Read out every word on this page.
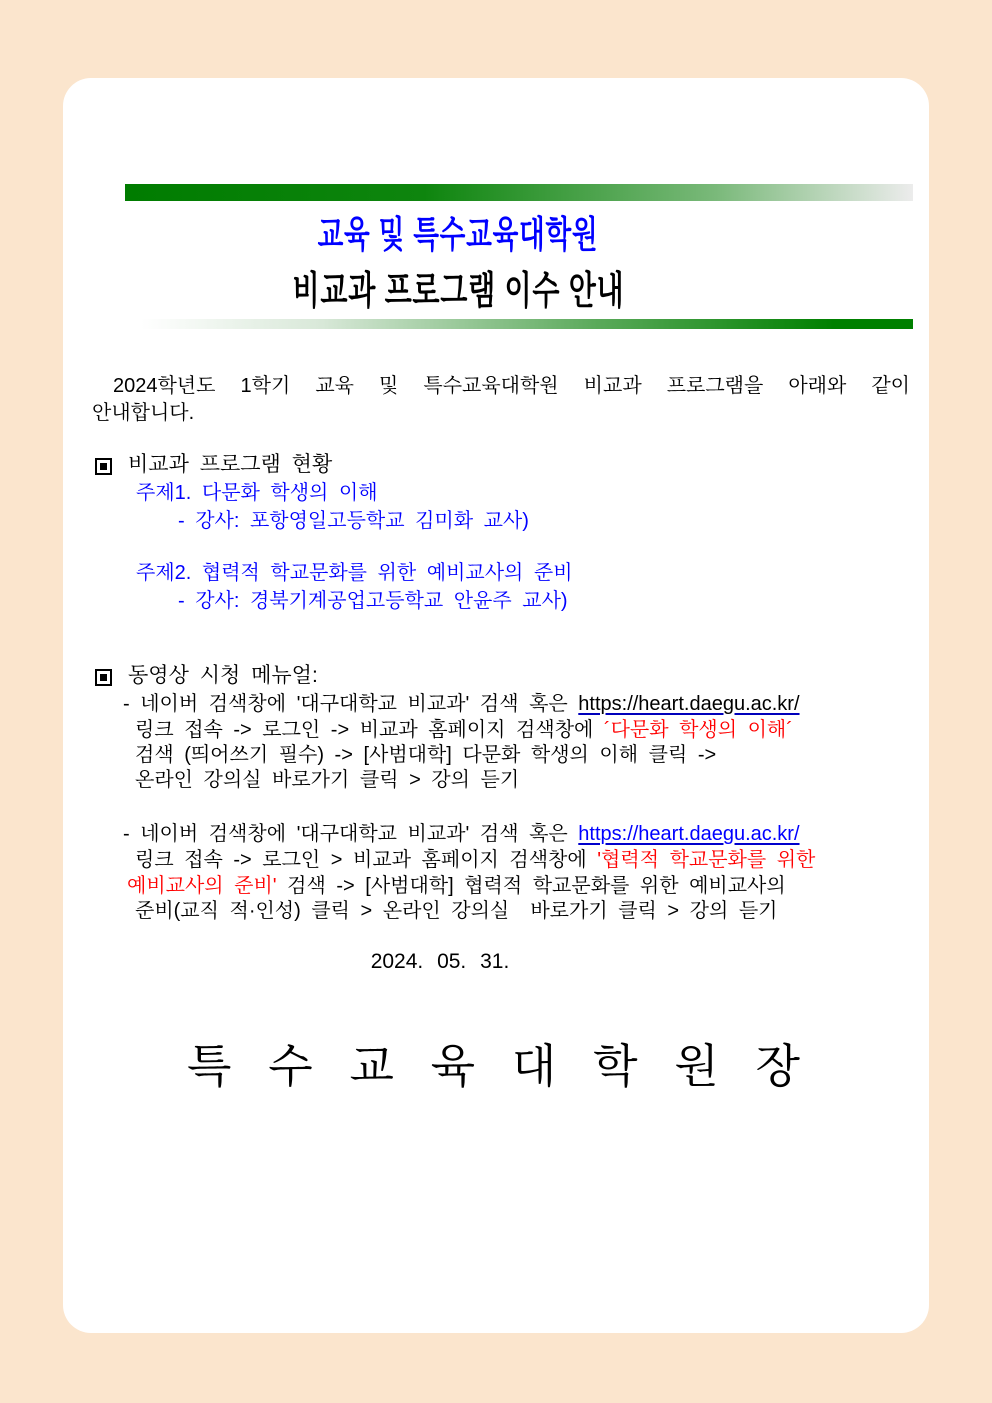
교육 및 특수교육대학원
비교과 프로그램 이수 안내
2024학년도 1학기 교육 및 특수교육대학원 비교과 프로그램을 아래와 같이
안내합니다.
비교과 프로그램 현황
주제1. 다문화 학생의 이해
- 강사: 포항영일고등학교 김미화 교사)
주제2. 협력적 학교문화를 위한 예비교사의 준비
- 강사: 경북기계공업고등학교 안윤주 교사)
동영상 시청 메뉴얼:
- 네이버 검색창에 '대구대학교 비교과' 검색 혹은 https://heart.daegu.ac.kr/
링크 접속 -> 로그인 -> 비교과 홈페이지 검색창에 ´다문화 학생의 이해´
검색 (띄어쓰기 필수) -> [사범대학] 다문화 학생의 이해 클릭 ->
온라인 강의실 바로가기 클릭 > 강의 듣기
- 네이버 검색창에 '대구대학교 비교과' 검색 혹은 https://heart.daegu.ac.kr/
링크 접속 -> 로그인 > 비교과 홈페이지 검색창에 '협력적 학교문화를 위한
예비교사의 준비' 검색 -> [사범대학] 협력적 학교문화를 위한 예비교사의
준비(교직 적·인성) 클릭 > 온라인 강의실  바로가기 클릭 > 강의 듣기
2024. 05. 31.
특 수 교 육 대 학 원 장
